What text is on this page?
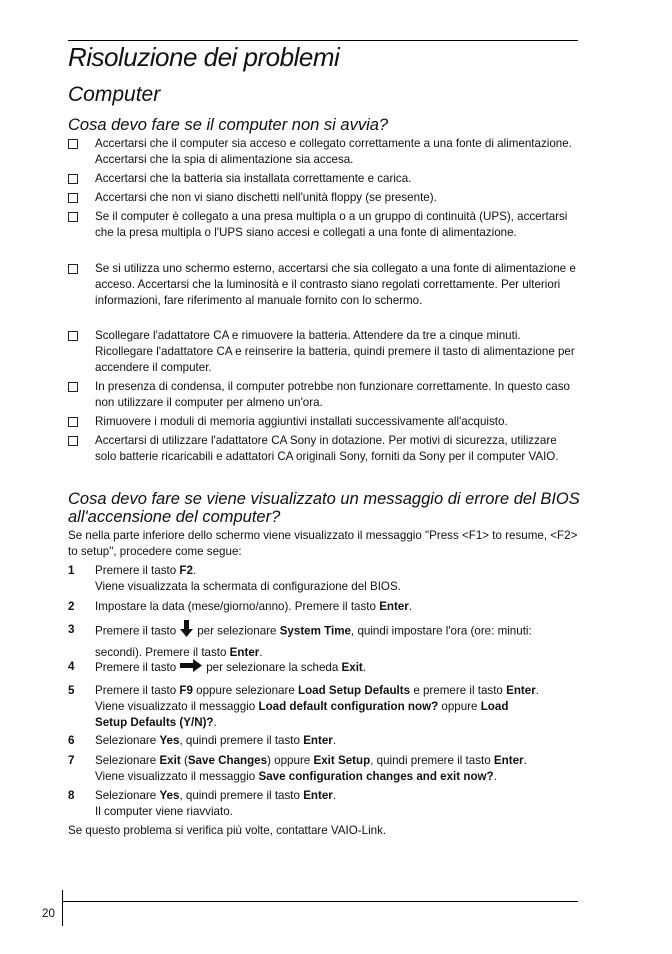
Risoluzione dei problemi
Computer
Cosa devo fare se il computer non si avvia?
Accertarsi che il computer sia acceso e collegato correttamente a una fonte di alimentazione. Accertarsi che la spia di alimentazione sia accesa.
Accertarsi che la batteria sia installata correttamente e carica.
Accertarsi che non vi siano dischetti nell'unità floppy (se presente).
Se il computer è collegato a una presa multipla o a un gruppo di continuità (UPS), accertarsi che la presa multipla o l'UPS siano accesi e collegati a una fonte di alimentazione.
Se si utilizza uno schermo esterno, accertarsi che sia collegato a una fonte di alimentazione e acceso. Accertarsi che la luminosità e il contrasto siano regolati correttamente. Per ulteriori informazioni, fare riferimento al manuale fornito con lo schermo.
Scollegare l'adattatore CA e rimuovere la batteria. Attendere da tre a cinque minuti. Ricollegare l'adattatore CA e reinserire la batteria, quindi premere il tasto di alimentazione per accendere il computer.
In presenza di condensa, il computer potrebbe non funzionare correttamente. In questo caso non utilizzare il computer per almeno un'ora.
Rimuovere i moduli di memoria aggiuntivi installati successivamente all'acquisto.
Accertarsi di utilizzare l'adattatore CA Sony in dotazione. Per motivi di sicurezza, utilizzare solo batterie ricaricabili e adattatori CA originali Sony, forniti da Sony per il computer VAIO.
Cosa devo fare se viene visualizzato un messaggio di errore del BIOS all'accensione del computer?
Se nella parte inferiore dello schermo viene visualizzato il messaggio "Press <F1> to resume, <F2> to setup", procedere come segue:
1 Premere il tasto F2.
Viene visualizzata la schermata di configurazione del BIOS.
2 Impostare la data (mese/giorno/anno). Premere il tasto Enter.
3 Premere il tasto per selezionare System Time, quindi impostare l'ora (ore: minuti:
secondi). Premere il tasto Enter.
4 Premere il tasto	per selezionare la scheda Exit.
5 Premere il tasto F9 oppure selezionare Load Setup Defaults e premere il tasto Enter.
Viene visualizzato il messaggio Load default configuration now? oppure Load
Setup Defaults (Y/N)?.
6 Selezionare Yes, quindi premere il tasto Enter.
7 Selezionare Exit (Save Changes) oppure Exit Setup, quindi premere il tasto Enter.
Viene visualizzato il messaggio Save configuration changes and exit now?.
8 Selezionare Yes, quindi premere il tasto Enter.
Il computer viene riavviato.
Se questo problema si verifica più volte, contattare VAIO-Link.
20
